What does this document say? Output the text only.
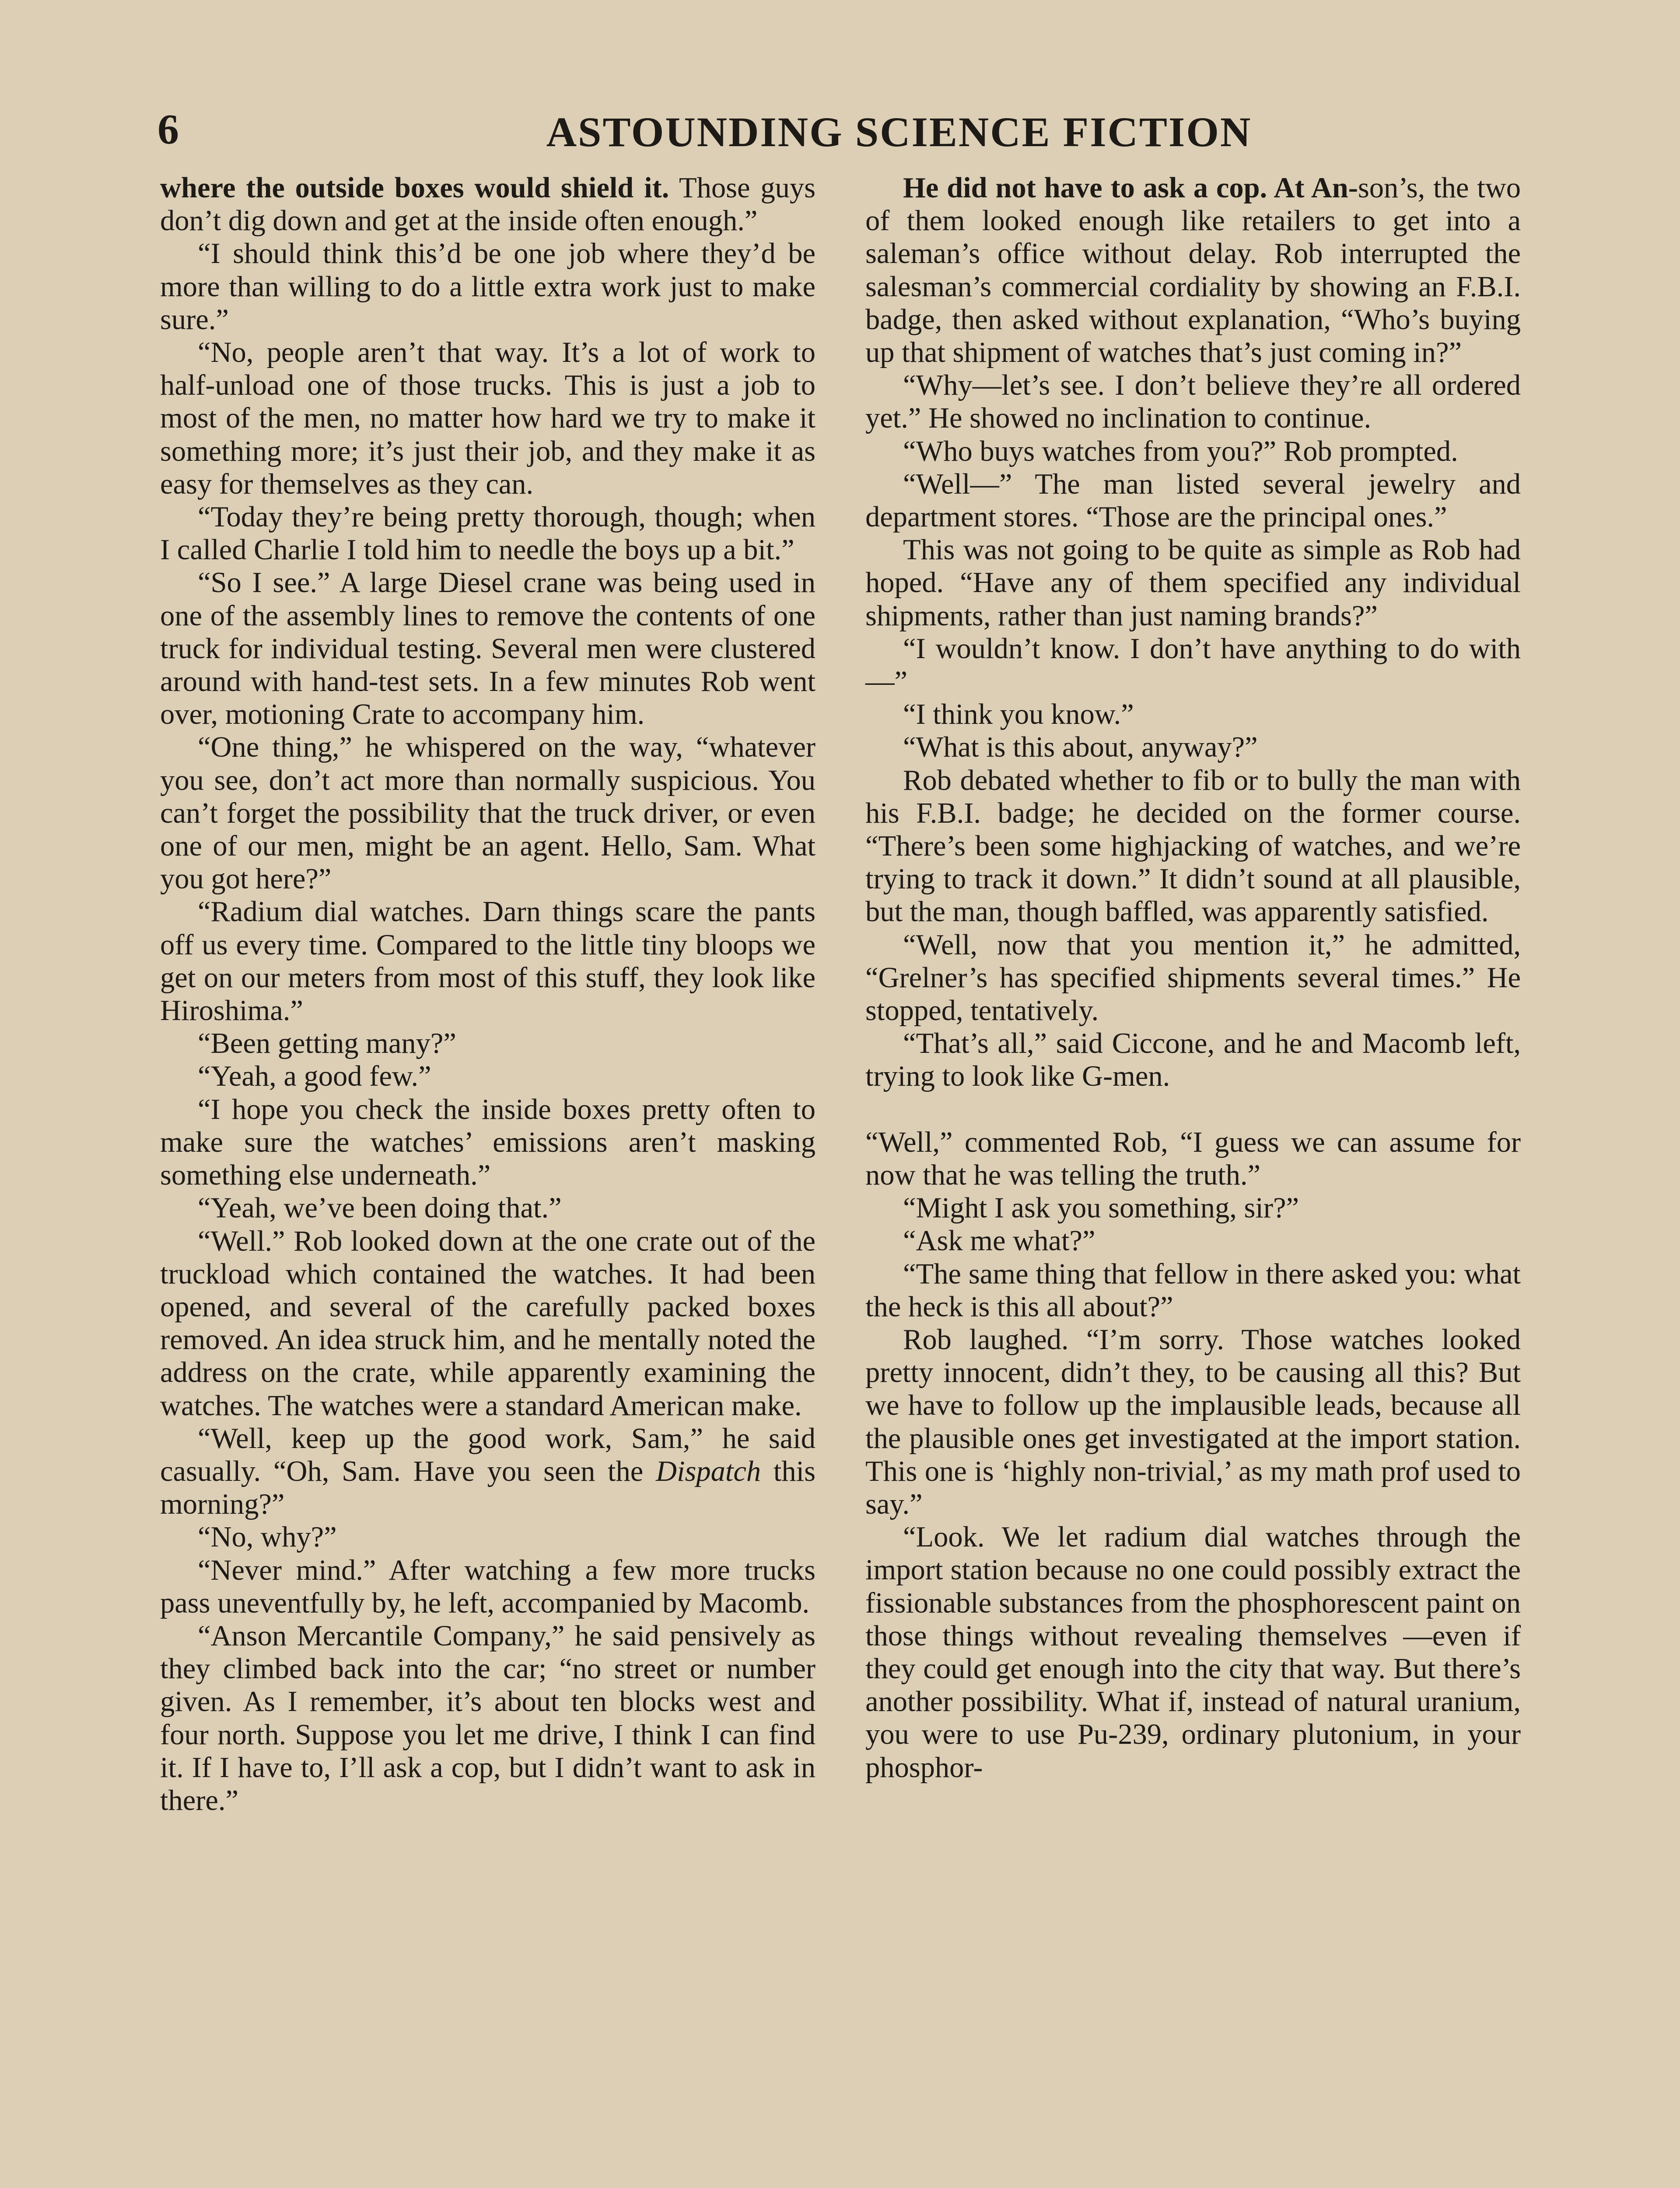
6	ASTOUNDING SCIENCE FICTION

where the outside boxes would shield it. Those guys don’t dig down and get at the inside often enough.”

“I should think this’d be one job where they’d be more than willing to do a little extra work just to make sure.”

“No, people aren’t that way. It’s a lot of work to half-unload one of those trucks. This is just a job to most of the men, no matter how hard we try to make it something more; it’s just their job, and they make it as easy for themselves as they can.

“Today they’re being pretty thorough, though; when I called Charlie I told him to needle the boys up a bit.”

“So I see.” A large Diesel crane was being used in one of the assembly lines to remove the contents of one truck for individual testing. Several men were clustered around with hand-test sets. In a few minutes Rob went over, motioning Crate to accompany him.

“One thing,” he whispered on the way, “whatever you see, don’t act more than normally suspicious. You can’t forget the possibility that the truck driver, or even one of our men, might be an agent. Hello, Sam. What you got here?”

“Radium dial watches. Darn things scare the pants off us every time. Compared to the little tiny bloops we get on our meters from most of this stuff, they look like Hiroshima.”

“Been getting many?”

“Yeah, a good few.”

“I hope you check the inside boxes pretty often to make sure the watches’ emissions aren’t masking something else underneath.”

“Yeah, we’ve been doing that.”

“Well.” Rob looked down at the one crate out of the truckload which contained the watches. It had been opened, and several of the carefully packed boxes removed. An idea struck him, and he mentally noted the address on the crate, while apparently examining the watches. The watches were a standard American make.

“Well, keep up the good work, Sam,” he said casually. “Oh, Sam. Have you seen the Dispatch this morning?”

“No, why?”

“Never mind.” After watching a few more trucks pass uneventfully by, he left, accompanied by Macomb.

“Anson Mercantile Company,” he said pensively as they climbed back into the car; “no street or number given. As I remember, it’s about ten blocks west and four north. Suppose you let me drive, I think I can find it. If I have to, I’ll ask a cop, but I didn’t want to ask in there.”

He did not have to ask a cop. At An-son’s, the two of them looked enough like retailers to get into a saleman’s office without delay. Rob interrupted the salesman’s commercial cordiality by showing an F.B.I. badge, then asked without explanation, “Who’s buying up that shipment of watches that’s just coming in?”

“Why—let’s see. I don’t believe they’re all ordered yet.” He showed no inclination to continue.

“Who buys watches from you?” Rob prompted.

“Well—” The man listed several jewelry and department stores. “Those are the principal ones.”

This was not going to be quite as simple as Rob had hoped. “Have any of them specified any individual shipments, rather than just naming brands?”

“I wouldn’t know. I don’t have anything to do with—”

“I think you know.”

“What is this about, anyway?”

Rob debated whether to fib or to bully the man with his F.B.I. badge; he decided on the former course. “There’s been some highjacking of watches, and we’re trying to track it down.” It didn’t sound at all plausible, but the man, though baffled, was apparently satisfied.

“Well, now that you mention it,” he admitted, “Grelner’s has specified shipments several times.” He stopped, tentatively.

“That’s all,” said Ciccone, and he and Macomb left, trying to look like G-men.

“Well,” commented Rob, “I guess we can assume for now that he was telling the truth.”

“Might I ask you something, sir?”

“Ask me what?”

“The same thing that fellow in there asked you: what the heck is this all about?”

Rob laughed. “I’m sorry. Those watches looked pretty innocent, didn’t they, to be causing all this? But we have to follow up the implausible leads, because all the plausible ones get investigated at the import station. This one is ‘highly non-trivial,’ as my math prof used to say.”

“Look. We let radium dial watches through the import station because no one could possibly extract the fissionable substances from the phosphorescent paint on those things without revealing themselves —even if they could get enough into the city that way. But there’s another possibility. What if, instead of natural uranium, you were to use Pu-239, ordinary plutonium, in your phosphor-
